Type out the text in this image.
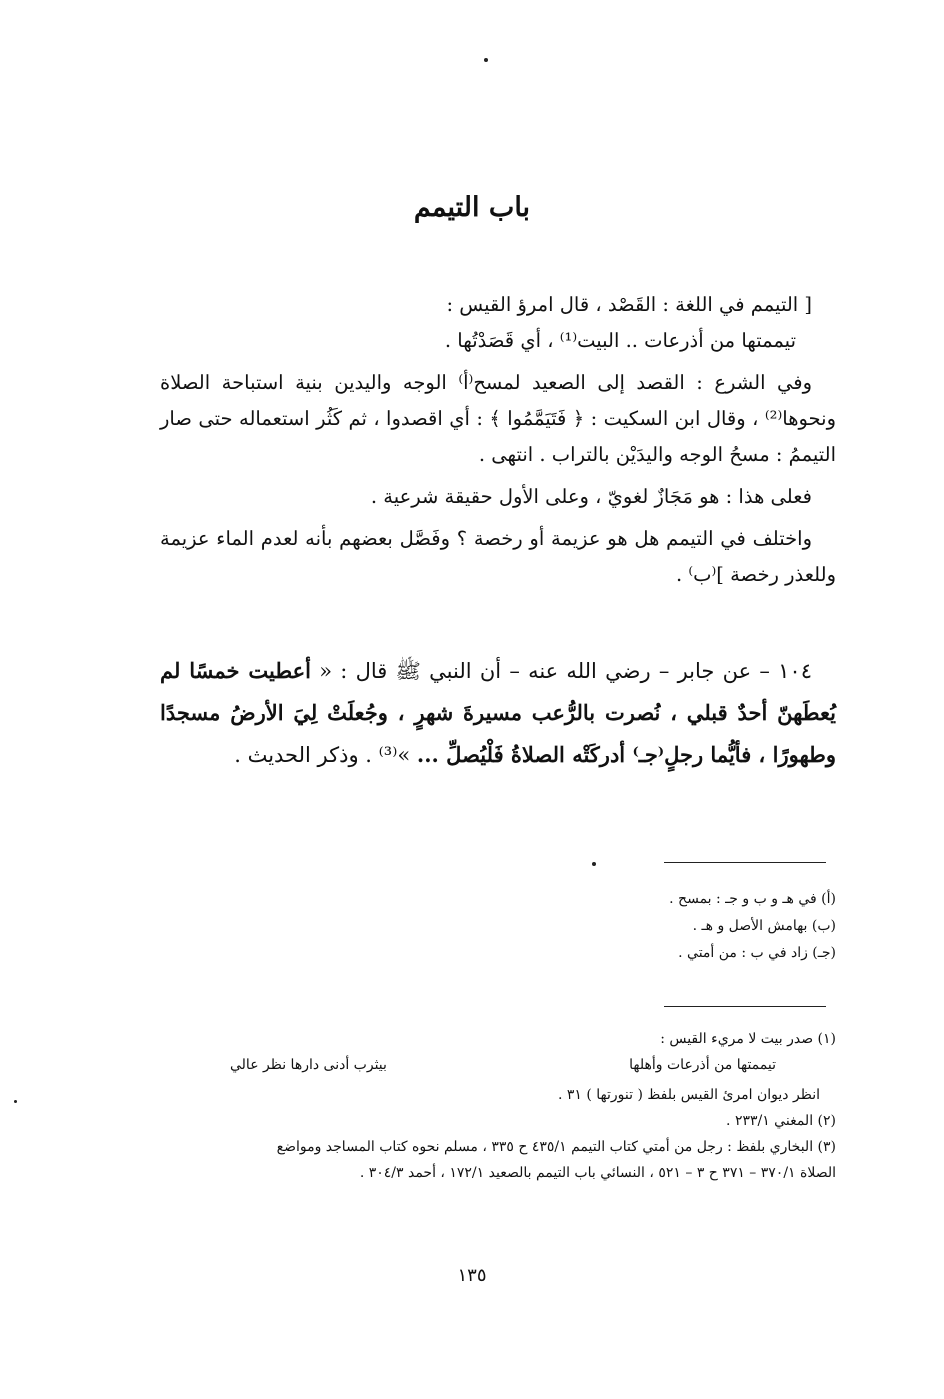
باب التيمم
[ التيمم في اللغة : القَصْد ، قال امرؤ القيس :
تيممتها من أذرعات .. البيت⁽¹⁾ ، أي قَصَدْتُها .
وفي الشرع : القصد إلى الصعيد لمسح⁽أ⁾ الوجه واليدين بنية استباحة الصلاة ونحوها⁽²⁾ ، وقال ابن السكيت : ﴿ فَتَيَمَّمُوا ﴾ : أي اقصدوا ، ثم كَثُر استعماله حتى صار التيممُ : مسحُ الوجه واليدَيْن بالتراب . انتهى .
فعلى هذا : هو مَجَازٌ لغويّ ، وعلى الأول حقيقة شرعية .
واختلف في التيمم هل هو عزيمة أو رخصة ؟ وفَصَّل بعضهم بأنه لعدم الماء عزيمة وللعذر رخصة ]⁽ب⁾ .
١٠٤ – عن جابر – رضي الله عنه – أن النبي ﷺ قال : « أعطيت خمسًا لم يُعطَهنّ أحدٌ قبلي ، نُصرت بالرُّعب مسيرةَ شهرٍ ، وجُعلَتْ لِيَ الأرضُ مسجدًا وطهورًا ، فأيُّما رجلٍ⁽جـ⁾ أدركَتْه الصلاةُ فَلْيُصلِّ ... »⁽³⁾ . وذكر الحديث .
(أ) في هـ و ب و جـ : بمسح .
(ب) بهامش الأصل و هـ .
(جـ) زاد في ب : من أمتي .
(١) صدر بيت لا مريء القيس :
تيممتها من أذرعات وأهلها
بيثرب أدنى دارها نظر عالي
انظر ديوان امرئ القيس بلفظ ( تنورتها ) ٣١ .
(٢) المغني ٢٣٣/١ .
(٣) البخاري بلفظ : رجل من أمتي كتاب التيمم ٤٣٥/١ ح ٣٣٥ ، مسلم نحوه كتاب المساجد ومواضع
الصلاة ٣٧٠/١ – ٣٧١ ح ٣ – ٥٢١ ، النسائي باب التيمم بالصعيد ١٧٢/١ ، أحمد ٣٠٤/٣ .
١٣٥
